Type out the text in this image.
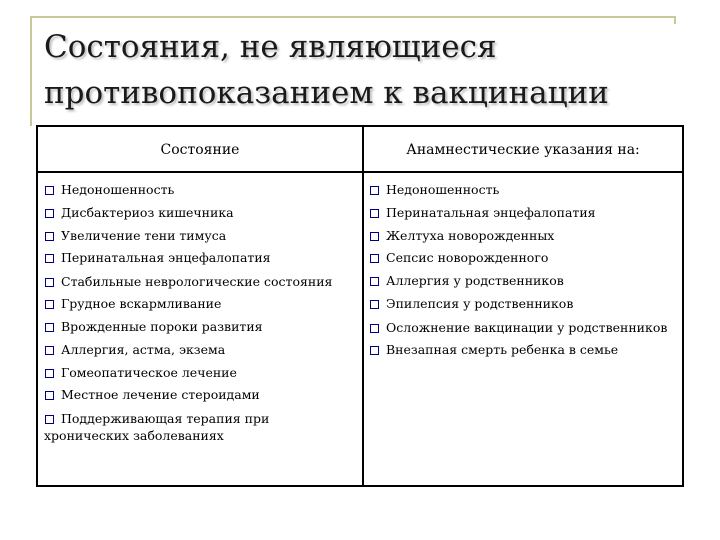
Состояния, не являющиеся противопоказанием к вакцинации
Состояние	Анамнестические указания на:
Недоношенность
Дисбактериоз кишечника
Увеличение тени тимуса
Перинатальная энцефалопатия
Стабильные неврологические состояния
Грудное вскармливание
Врожденные пороки развития
Аллергия, астма, экзема
Гомеопатическое лечение
Местное лечение стероидами
Поддерживающая терапия при хронических заболеваниях
Недоношенность
Перинатальная энцефалопатия
Желтуха новорожденных
Сепсис новорожденного
Аллергия у родственников
Эпилепсия у родственников
Осложнение вакцинации у родственников
Внезапная смерть ребенка в семье
